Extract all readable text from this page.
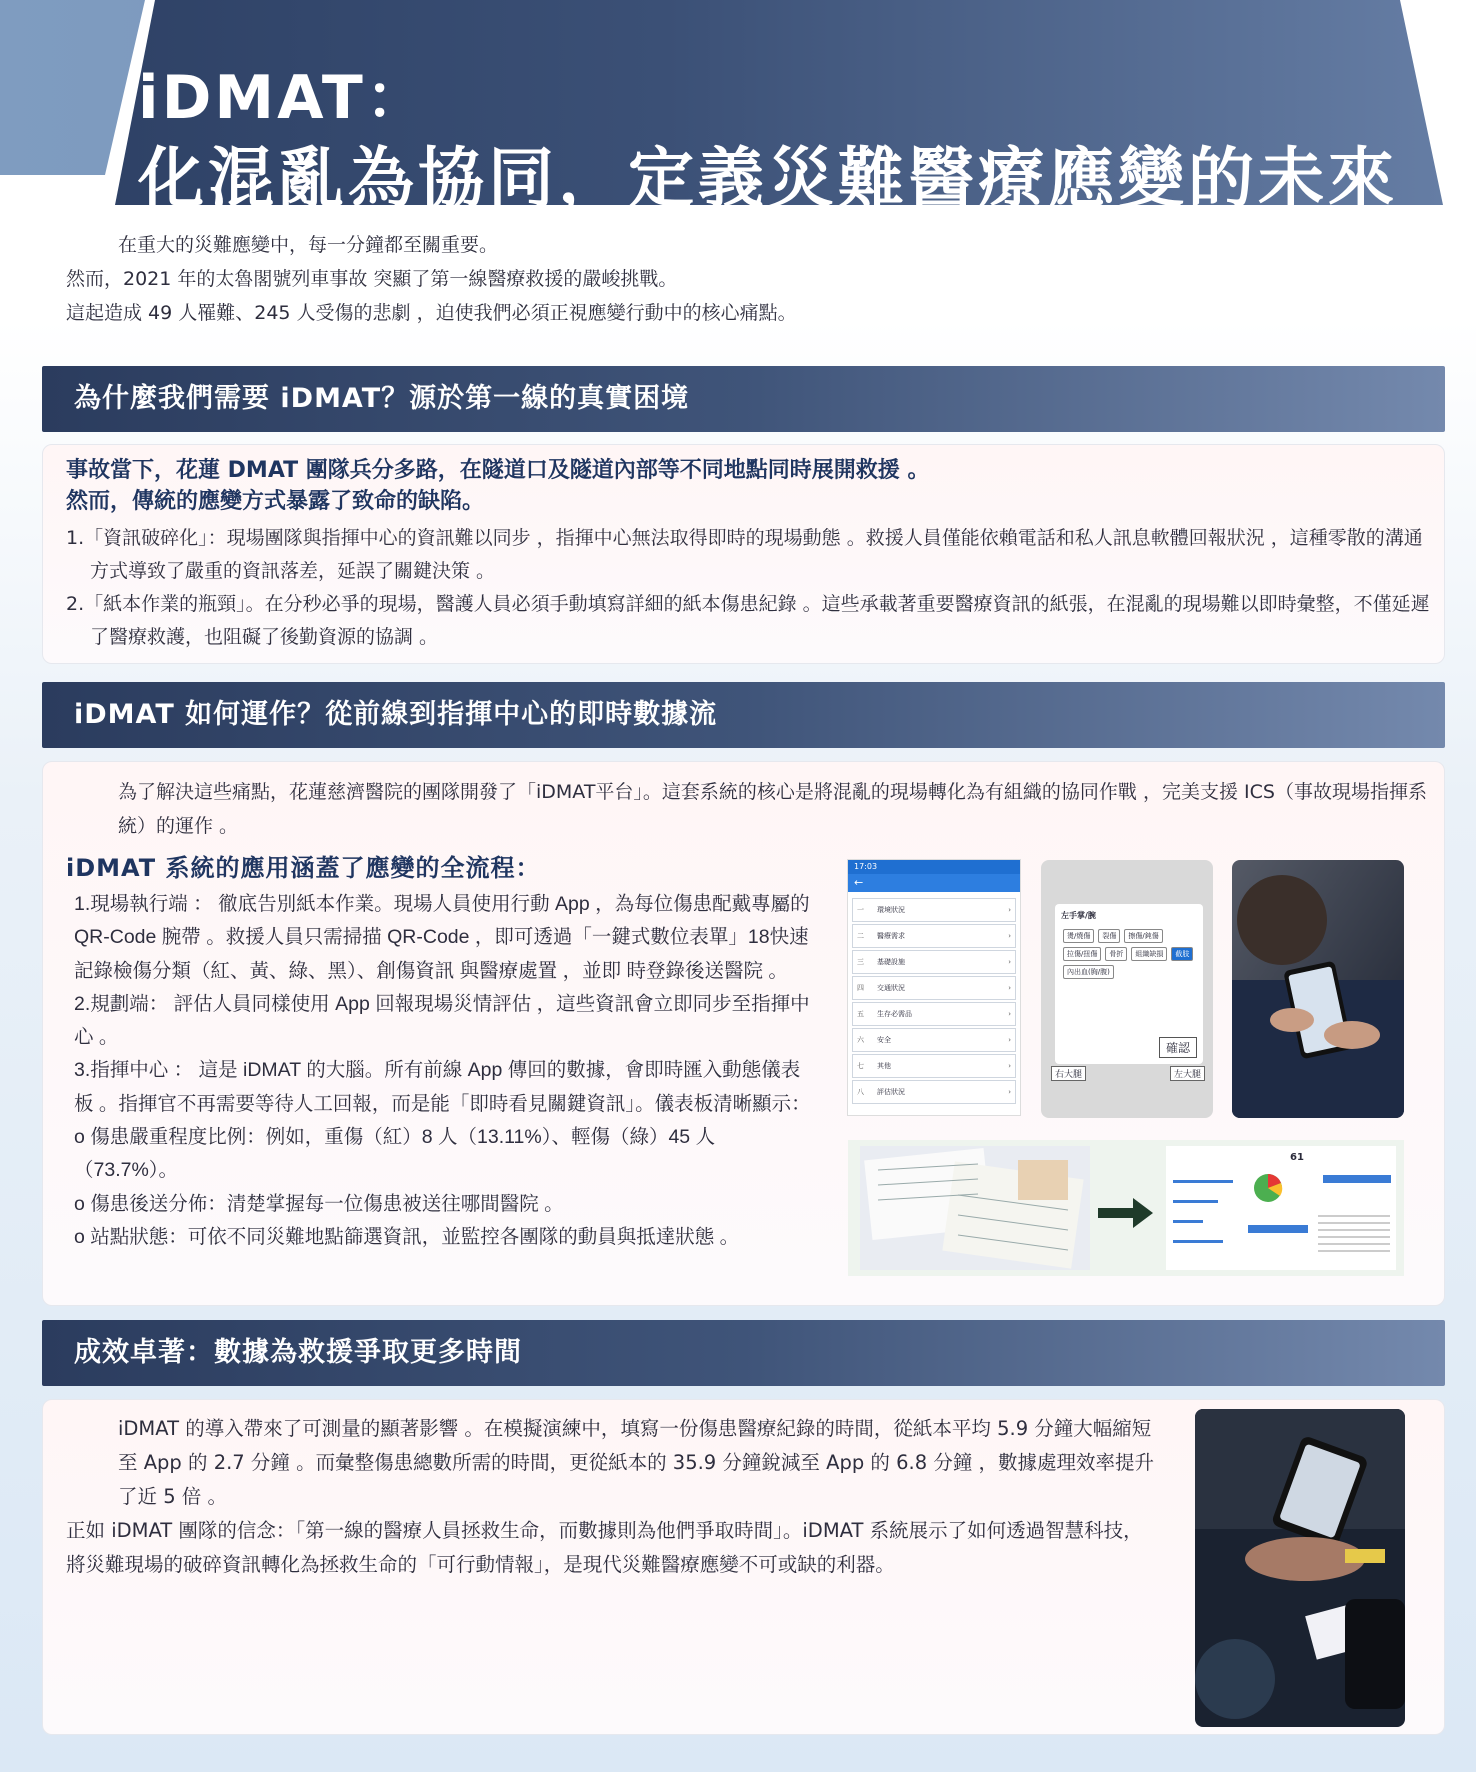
iDMAT：
化混亂為協同，定義災難醫療應變的未來

在重大的災難應變中，每一分鐘都至關重要。

然而，2021 年的太魯閣號列車事故 突顯了第一線醫療救援的嚴峻挑戰。

這起造成 49 人罹難、245 人受傷的悲劇 ，迫使我們必須正視應變行動中的核心痛點。

為什麼我們需要 iDMAT？源於第一線的真實困境
事故當下，花蓮 DMAT 團隊兵分多路，在隧道口及隧道內部等不同地點同時展開救援 。
然而，傳統的應變方式暴露了致命的缺陷。

1.「資訊破碎化」：現場團隊與指揮中心的資訊難以同步 ，指揮中心無法取得即時的現場動態 。救援人員僅能依賴電話和私人訊息軟體回報狀況 ，這種零散的溝通方式導致了嚴重的資訊落差，延誤了關鍵決策 。

2.「紙本作業的瓶頸」。在分秒必爭的現場，醫護人員必須手動填寫詳細的紙本傷患紀錄 。這些承載著重要醫療資訊的紙張，在混亂的現場難以即時彙整，不僅延遲了醫療救護，也阻礙了後勤資源的協調 。

iDMAT 如何運作？從前線到指揮中心的即時數據流

為了解決這些痛點，花蓮慈濟醫院的團隊開發了「iDMAT平台」。這套系統的核心是將混亂的現場轉化為有組織的協同作戰 ，完美支援 ICS（事故現場指揮系統）的運作 。

iDMAT 系統的應用涵蓋了應變的全流程：

1.現場執行端 ： 徹底告別紙本作業。現場人員使用行動 App ，為每位傷患配戴專屬的 QR-Code 腕帶 。救援人員只需掃描 QR-Code ，即可透過「一鍵式數位表單」18快速記錄檢傷分類（紅、黃、綠、黑）、創傷資訊 與醫療處置 ，並即 時登錄後送醫院 。

2.規劃端： 評估人員同樣使用 App 回報現場災情評估 ，這些資訊會立即同步至指揮中心 。

3.指揮中心 ： 這是 iDMAT 的大腦。所有前線 App 傳回的數據，會即時匯入動態儀表板 。指揮官不再需要等待人工回報，而是能「即時看見關鍵資訊」。儀表板清晰顯示：

o 傷患嚴重程度比例：例如，重傷（紅）8 人（13.11%）、輕傷（綠）45 人（73.7%）。

o 傷患後送分佈：清楚掌握每一位傷患被送往哪間醫院 。

o 站點狀態：可依不同災難地點篩選資訊，並監控各團隊的動員與抵達狀態 。

17:03
←
一	環境狀況	›
二	醫療需求	›
三	基礎設施	›
四	交通狀況	›
五	生存必需品	›
六	安全	›
七	其他	›
八	評估狀況	›
左手掌/腕
燙/燒傷 裂傷 擦傷/鈍傷拉傷/扭傷 骨折 組織缺損 截肢內出血(胸/腹)
確認
右大腿	左大腿
61
成效卓著：數據為救援爭取更多時間

iDMAT 的導入帶來了可測量的顯著影響 。在模擬演練中，填寫一份傷患醫療紀錄的時間，從紙本平均 5.9 分鐘大幅縮短至 App 的 2.7 分鐘 。而彙整傷患總數所需的時間，更從紙本的 35.9 分鐘銳減至 App 的 6.8 分鐘 ，數據處理效率提升了近 5 倍 。

正如 iDMAT 團隊的信念：「第一線的醫療人員拯救生命，而數據則為他們爭取時間」。iDMAT 系統展示了如何透過智慧科技，將災難現場的破碎資訊轉化為拯救生命的「可行動情報」，是現代災難醫療應變不可或缺的利器。
